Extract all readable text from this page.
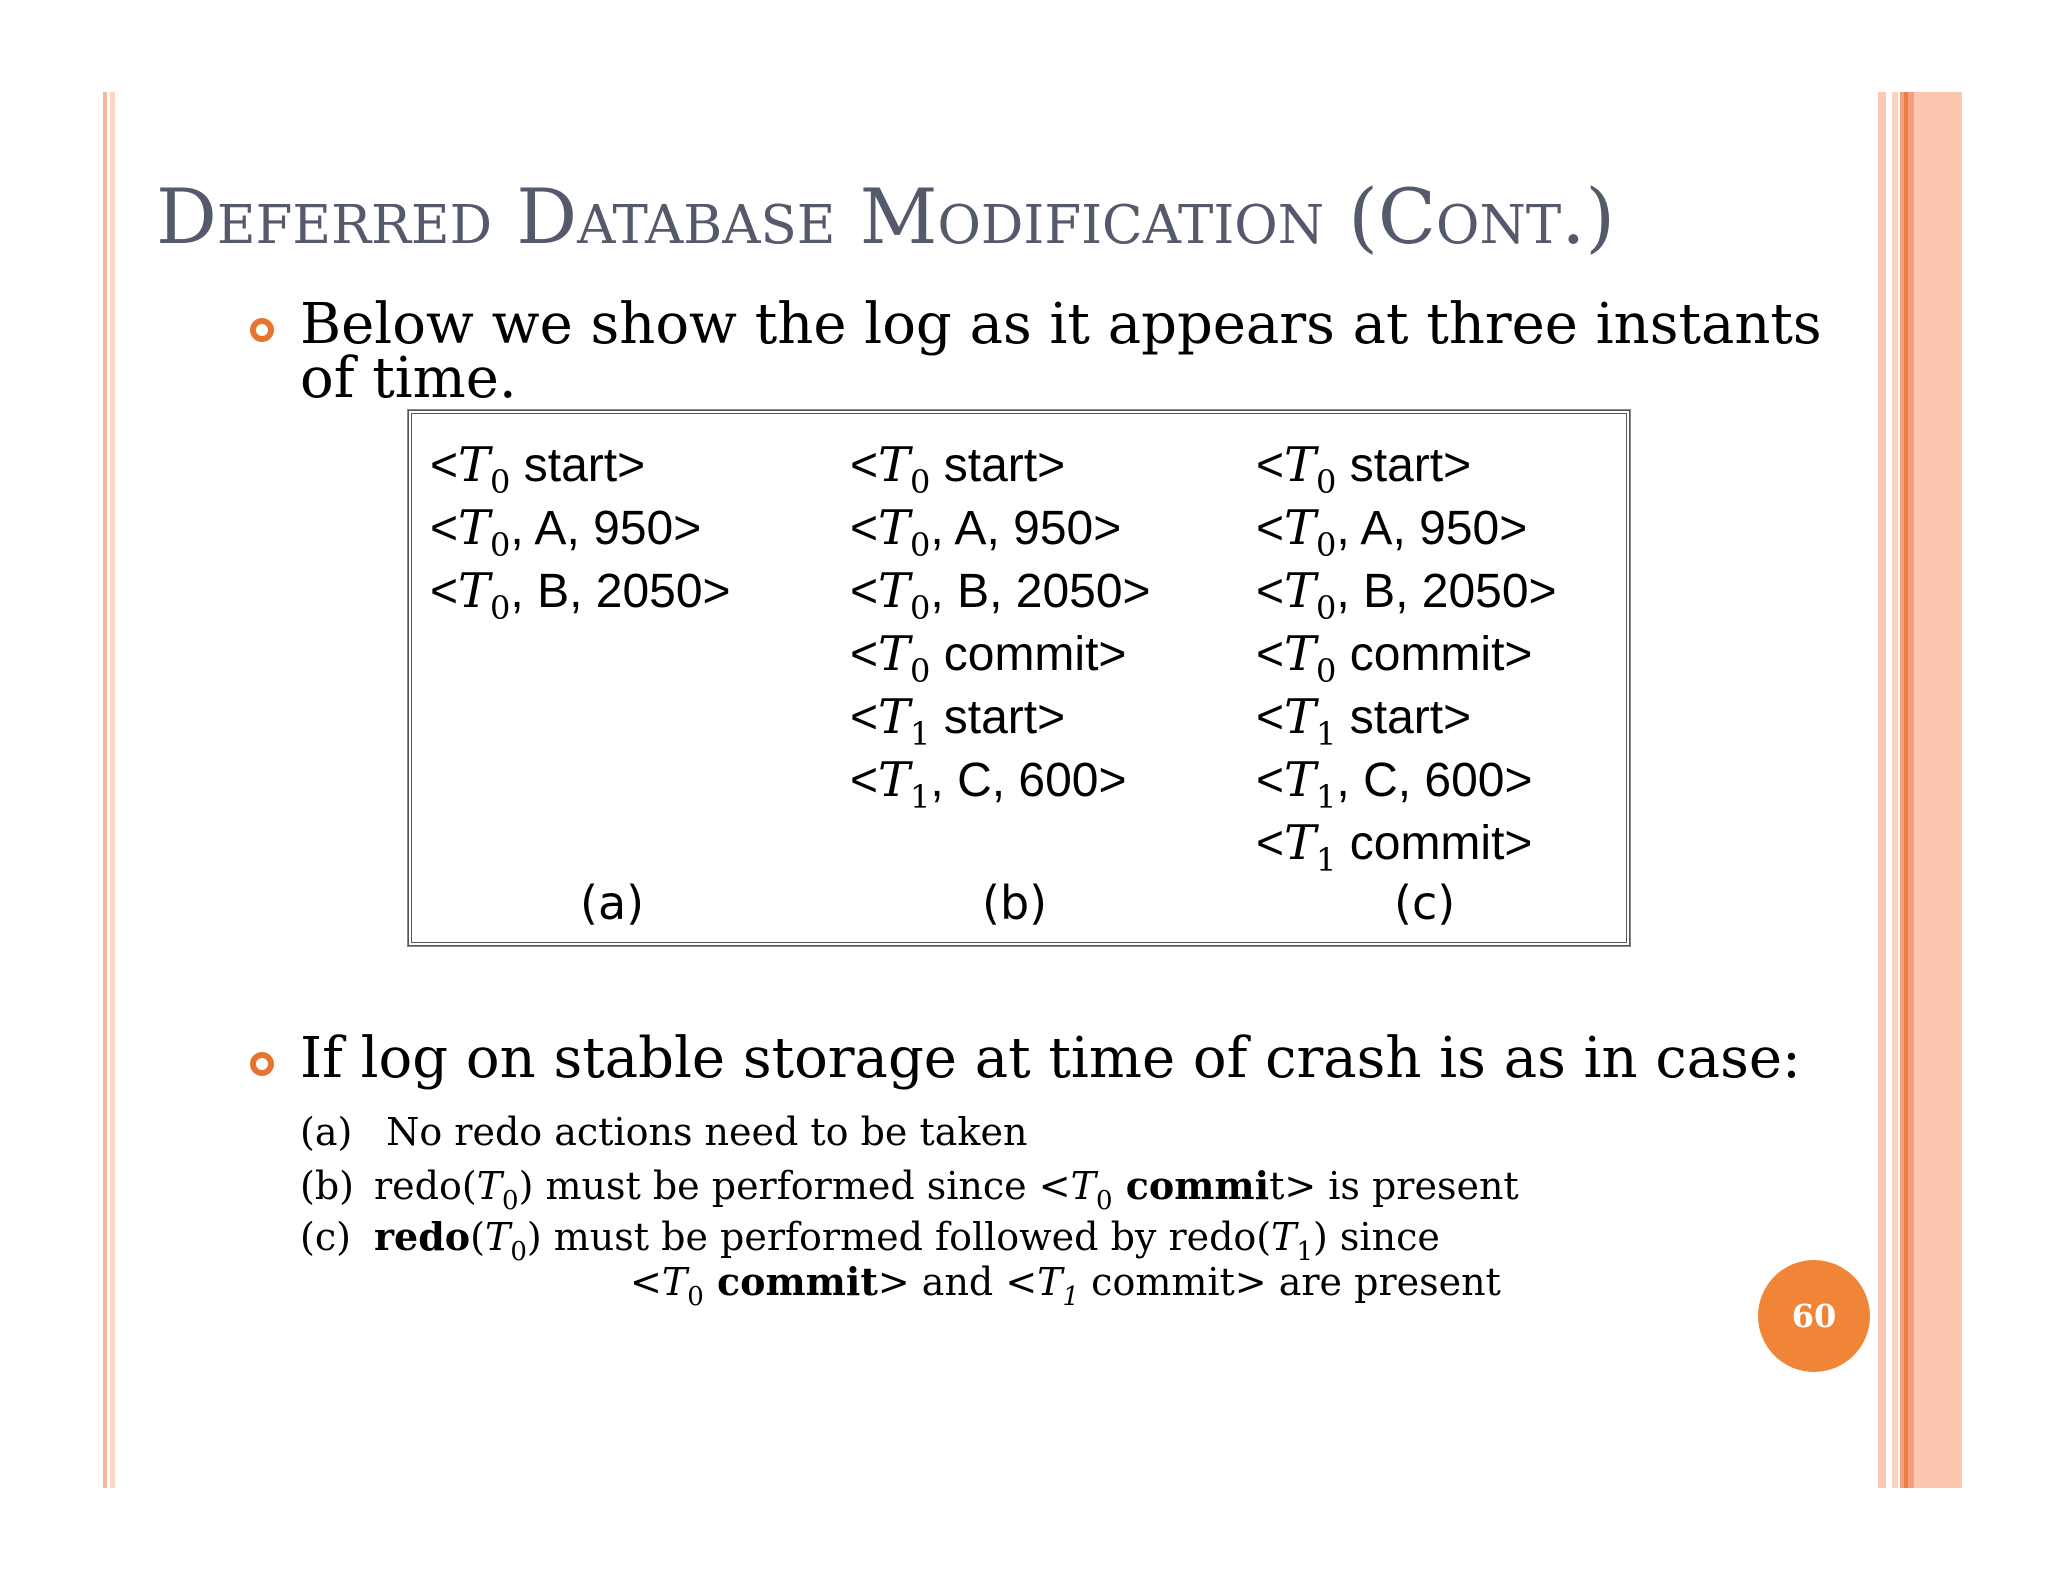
Deferred Database Modification (Cont.)
Below we show the log as it appears at three instants
of time.
$<T_0$ start>
$<T_0$, A, 950>
$<T_0$, B, 2050>
$<T_0$ start>
$<T_0$, A, 950>
$<T_0$, B, 2050>
$<T_0$ commit>
$<T_1$ start>
$<T_1$, C, 600>
$<T_0$ start>
$<T_0$, A, 950>
$<T_0$, B, 2050>
$<T_0$ commit>
$<T_1$ start>
$<T_1$, C, 600>
$<T_1$ commit>
(a)	(b)	(c)
If log on stable storage at time of crash is as in case:
(a) No redo actions need to be taken
(b) $redo(T_0)$ must be performed since $<T_0$ commit> is present
(c) $redo(T_0)$ must be performed followed by $redo(T_1)$ since
$<T_0$ commit> and $<T_1$ commit> are present
60
